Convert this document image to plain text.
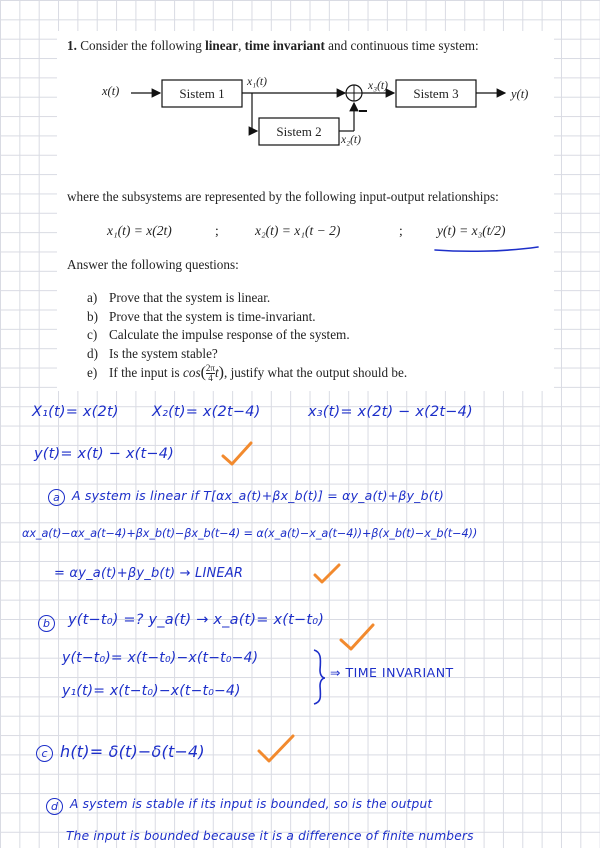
1. Consider the following linear, time invariant and continuous time system:
x(t)	Sistem 1
x₁(t)
Sistem 2
x₂(t)
x₃(t) Sistem 3	y(t)
where the subsystems are represented by the following input-output relationships:
x₁(t) = x(2t)	;	x₂(t) = x₁(t − 2)	;	y(t) = x₃(t/2)
Answer the following questions:
a) Prove that the system is linear.
b) Prove that the system is time-invariant.
c) Calculate the impulse response of the system.
d) Is the system stable?
e) If the input is $\cos( \frac{2\pi}{4} t)$, justify what the output should be.
X₁(t)= x(2t) X₂(t)= x(2t−4)	x₃(t)= x(2t) − x(2t−4)
y(t)= x(t) − x(t−4)
a A system is linear if T[αx_a(t)+βx_b(t)] = αy_a(t)+βy_b(t)
αx_a(t)−αx_a(t−4)+βx_b(t)−βx_b(t−4) = α(x_a(t)−x_a(t−4))+β(x_b(t)−x_b(t−4))
= αy_a(t)+βy_b(t) → LINEAR
b	y(t−t₀) =? y_a(t) → x_a(t)= x(t−t₀)
y(t−t₀)= x(t−t₀)−x(t−t₀−4)
y₁(t)= x(t−t₀)−x(t−t₀−4)
⇒ TIME INVARIANT
c h(t)= δ(t)−δ(t−4)
d A system is stable if its input is bounded, so is the output
The input is bounded because it is a difference of finite numbers
